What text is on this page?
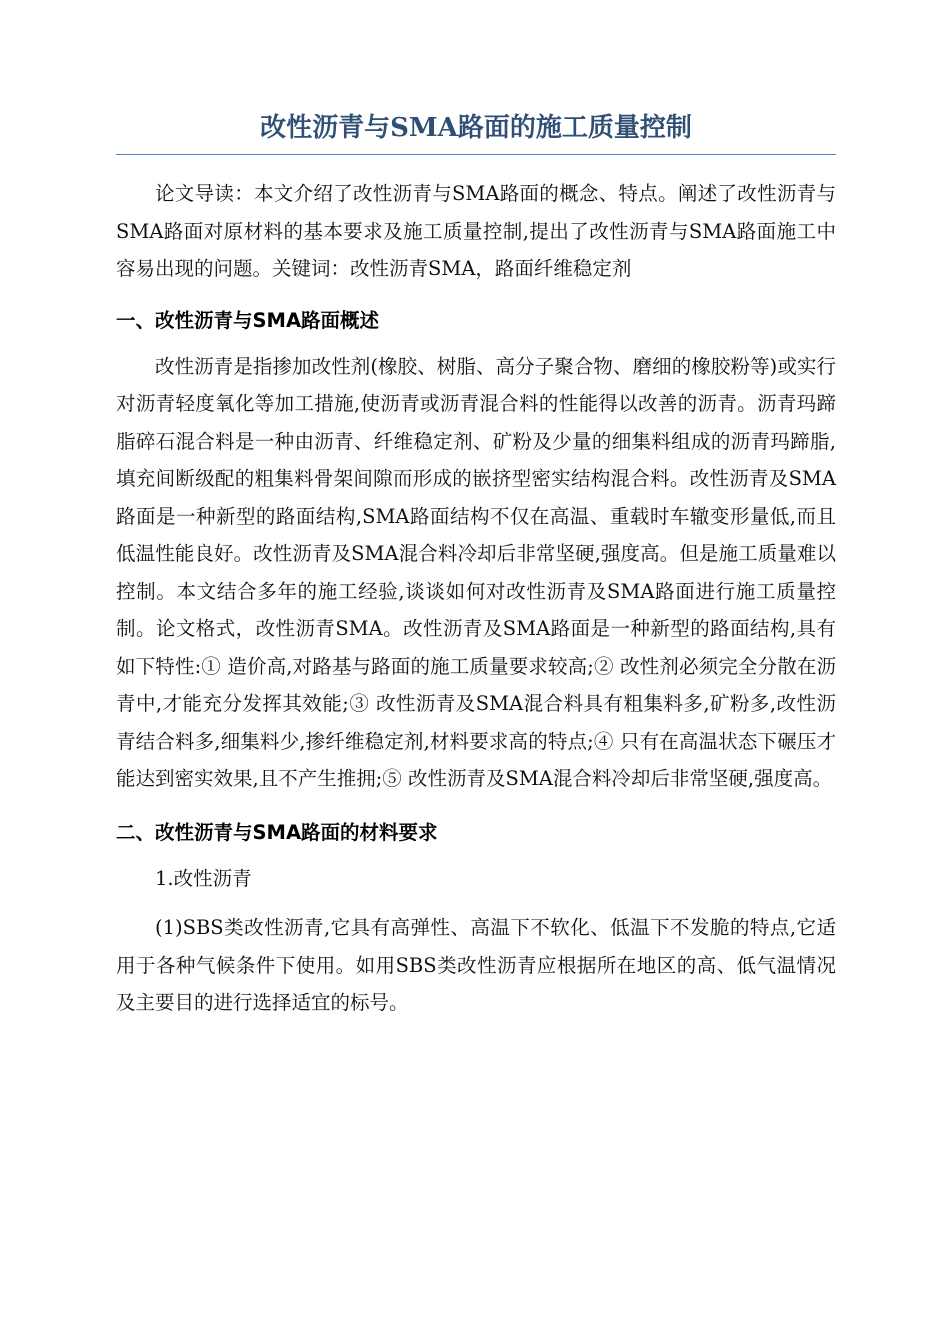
改性沥青与SMA路面的施工质量控制

论文导读：本文介绍了改性沥青与SMA路面的概念、特点。阐述了改性沥青与SMA路面对原材料的基本要求及施工质量控制,提出了改性沥青与SMA路面施工中容易出现的问题。关键词：改性沥青SMA，路面纤维稳定剂

一、改性沥青与SMA路面概述

改性沥青是指掺加改性剂(橡胶、树脂、高分子聚合物、磨细的橡胶粉等)或实行对沥青轻度氧化等加工措施,使沥青或沥青混合料的性能得以改善的沥青。沥青玛蹄脂碎石混合料是一种由沥青、纤维稳定剂、矿粉及少量的细集料组成的沥青玛蹄脂,填充间断级配的粗集料骨架间隙而形成的嵌挤型密实结构混合料。改性沥青及SMA路面是一种新型的路面结构,SMA路面结构不仅在高温、重载时车辙变形量低,而且低温性能良好。改性沥青及SMA混合料冷却后非常坚硬,强度高。但是施工质量难以控制。本文结合多年的施工经验,谈谈如何对改性沥青及SMA路面进行施工质量控制。论文格式，改性沥青SMA。改性沥青及SMA路面是一种新型的路面结构,具有如下特性:① 造价高,对路基与路面的施工质量要求较高;② 改性剂必须完全分散在沥青中,才能充分发挥其效能;③ 改性沥青及SMA混合料具有粗集料多,矿粉多,改性沥青结合料多,细集料少,掺纤维稳定剂,材料要求高的特点;④ 只有在高温状态下碾压才能达到密实效果,且不产生推拥;⑤ 改性沥青及SMA混合料冷却后非常坚硬,强度高。

二、改性沥青与SMA路面的材料要求

1.改性沥青

(1)SBS类改性沥青,它具有高弹性、高温下不软化、低温下不发脆的特点,它适用于各种气候条件下使用。如用SBS类改性沥青应根据所在地区的高、低气温情况及主要目的进行选择适宜的标号。
